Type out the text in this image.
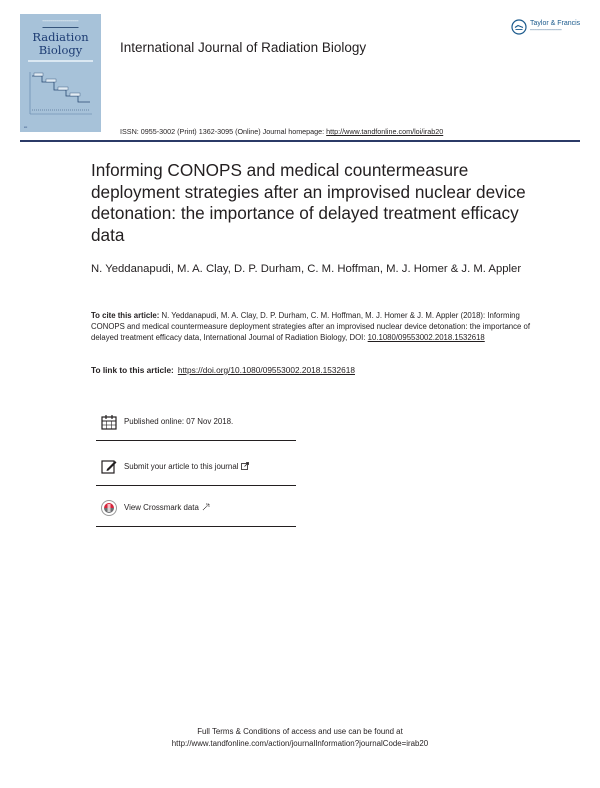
━━━━━━━━━━━━━━━━━━
▬▬▬▬▬▬▬▬▬▬▬▬
Radiation
Biology
▪▪▪
International Journal of Radiation Biology
Taylor & Francis
━━━━━━━━━━━━━━━
ISSN: 0955-3002 (Print) 1362-3095 (Online) Journal homepage: http://www.tandfonline.com/loi/irab20
Informing CONOPS and medical countermeasure deployment strategies after an improvised nuclear device detonation: the importance of delayed treatment efficacy data
N. Yeddanapudi, M. A. Clay, D. P. Durham, C. M. Hoffman, M. J. Homer & J. M. Appler
To cite this article: N. Yeddanapudi, M. A. Clay, D. P. Durham, C. M. Hoffman, M. J. Homer & J. M. Appler (2018): Informing CONOPS and medical countermeasure deployment strategies after an improvised nuclear device detonation: the importance of delayed treatment efficacy data, International Journal of Radiation Biology, DOI: 10.1080/09553002.2018.1532618
To link to this article: https://doi.org/10.1080/09553002.2018.1532618
Published online: 07 Nov 2018.
Submit your article to this journal
View Crossmark data
Full Terms & Conditions of access and use can be found at
http://www.tandfonline.com/action/journalInformation?journalCode=irab20
